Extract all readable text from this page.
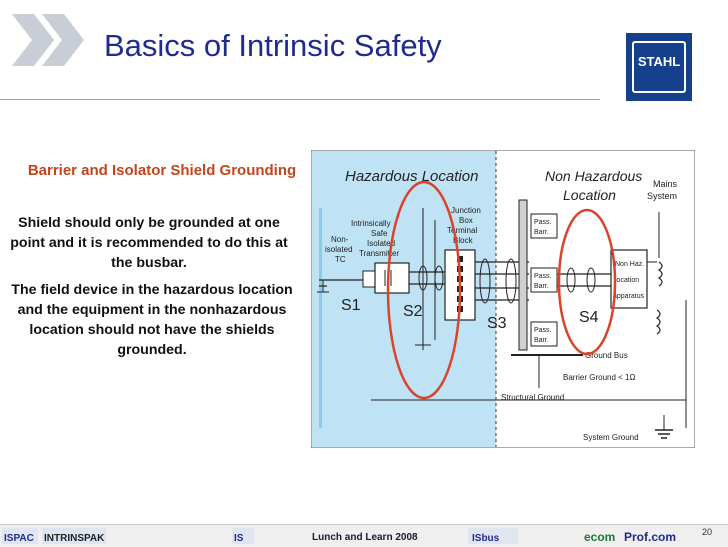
Basics of Intrinsic Safety	STAHL
Barrier and Isolator Shield Grounding
Shield should only be grounded at one point and it is recommended to do this at the busbar.
The field device in the hazardous location and the equipment in the nonhazardous location should not have the shields grounded.
Hazardous Location	Non Hazardous
Location
Mains
System
Non-
isolated
TC
Intrinsically
Safe
Isolated
Transmitter
S1	S2
S3	S4
Junction
Box
Terminal
Block
Pass.
Barr.
Pass.
Barr.
Pass.
Barr.
Non Haz.
location
apparatus
Ground Bus
Barrier Ground < 1Ω
Structural Ground
System Ground
ISPAC INTRINSPAK	IS	ISbus	ecom Prof.com
Lunch and Learn 2008	20
